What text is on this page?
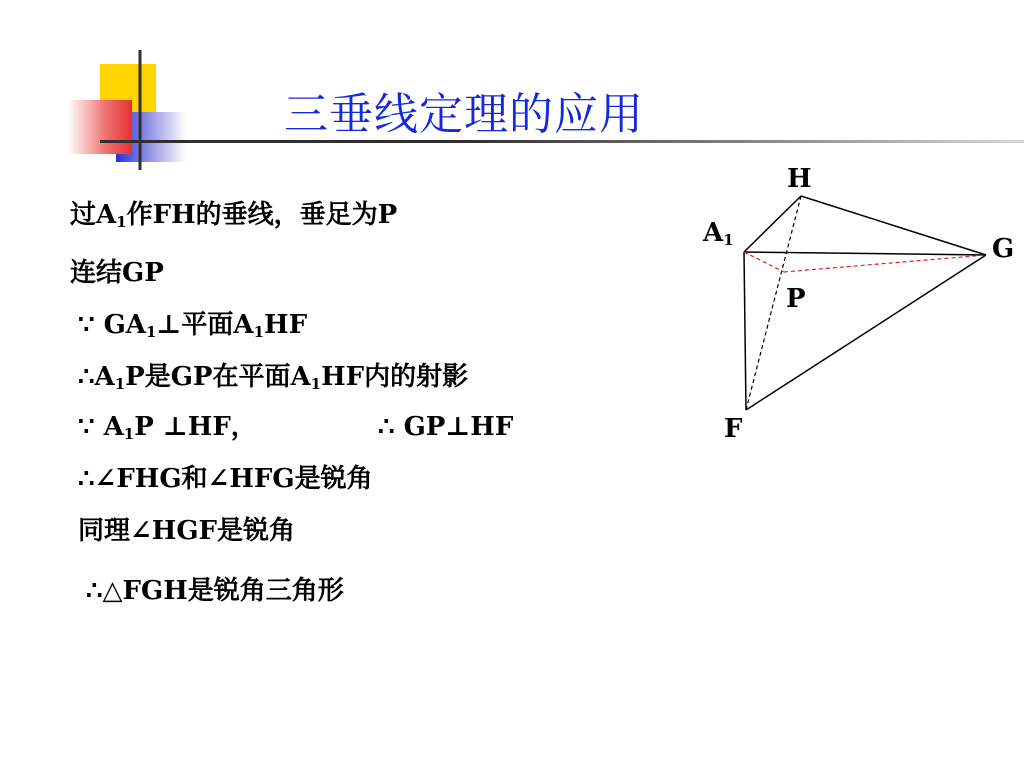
三垂线定理的应用
过$A_1$作FH的垂线，垂足为P
连结GP
∵ $GA_1\perp$平面$A_1HF$
$\therefore A_1P$是GP在平面$A_1HF$内的射影
∵ $A_1P$ ⊥HF，	∴ GP⊥HF
∴∠FHG和∠HFG是锐角
同理∠HGF是锐角
∴△FGH是锐角三角形
H
$A_1$	G
P
F
